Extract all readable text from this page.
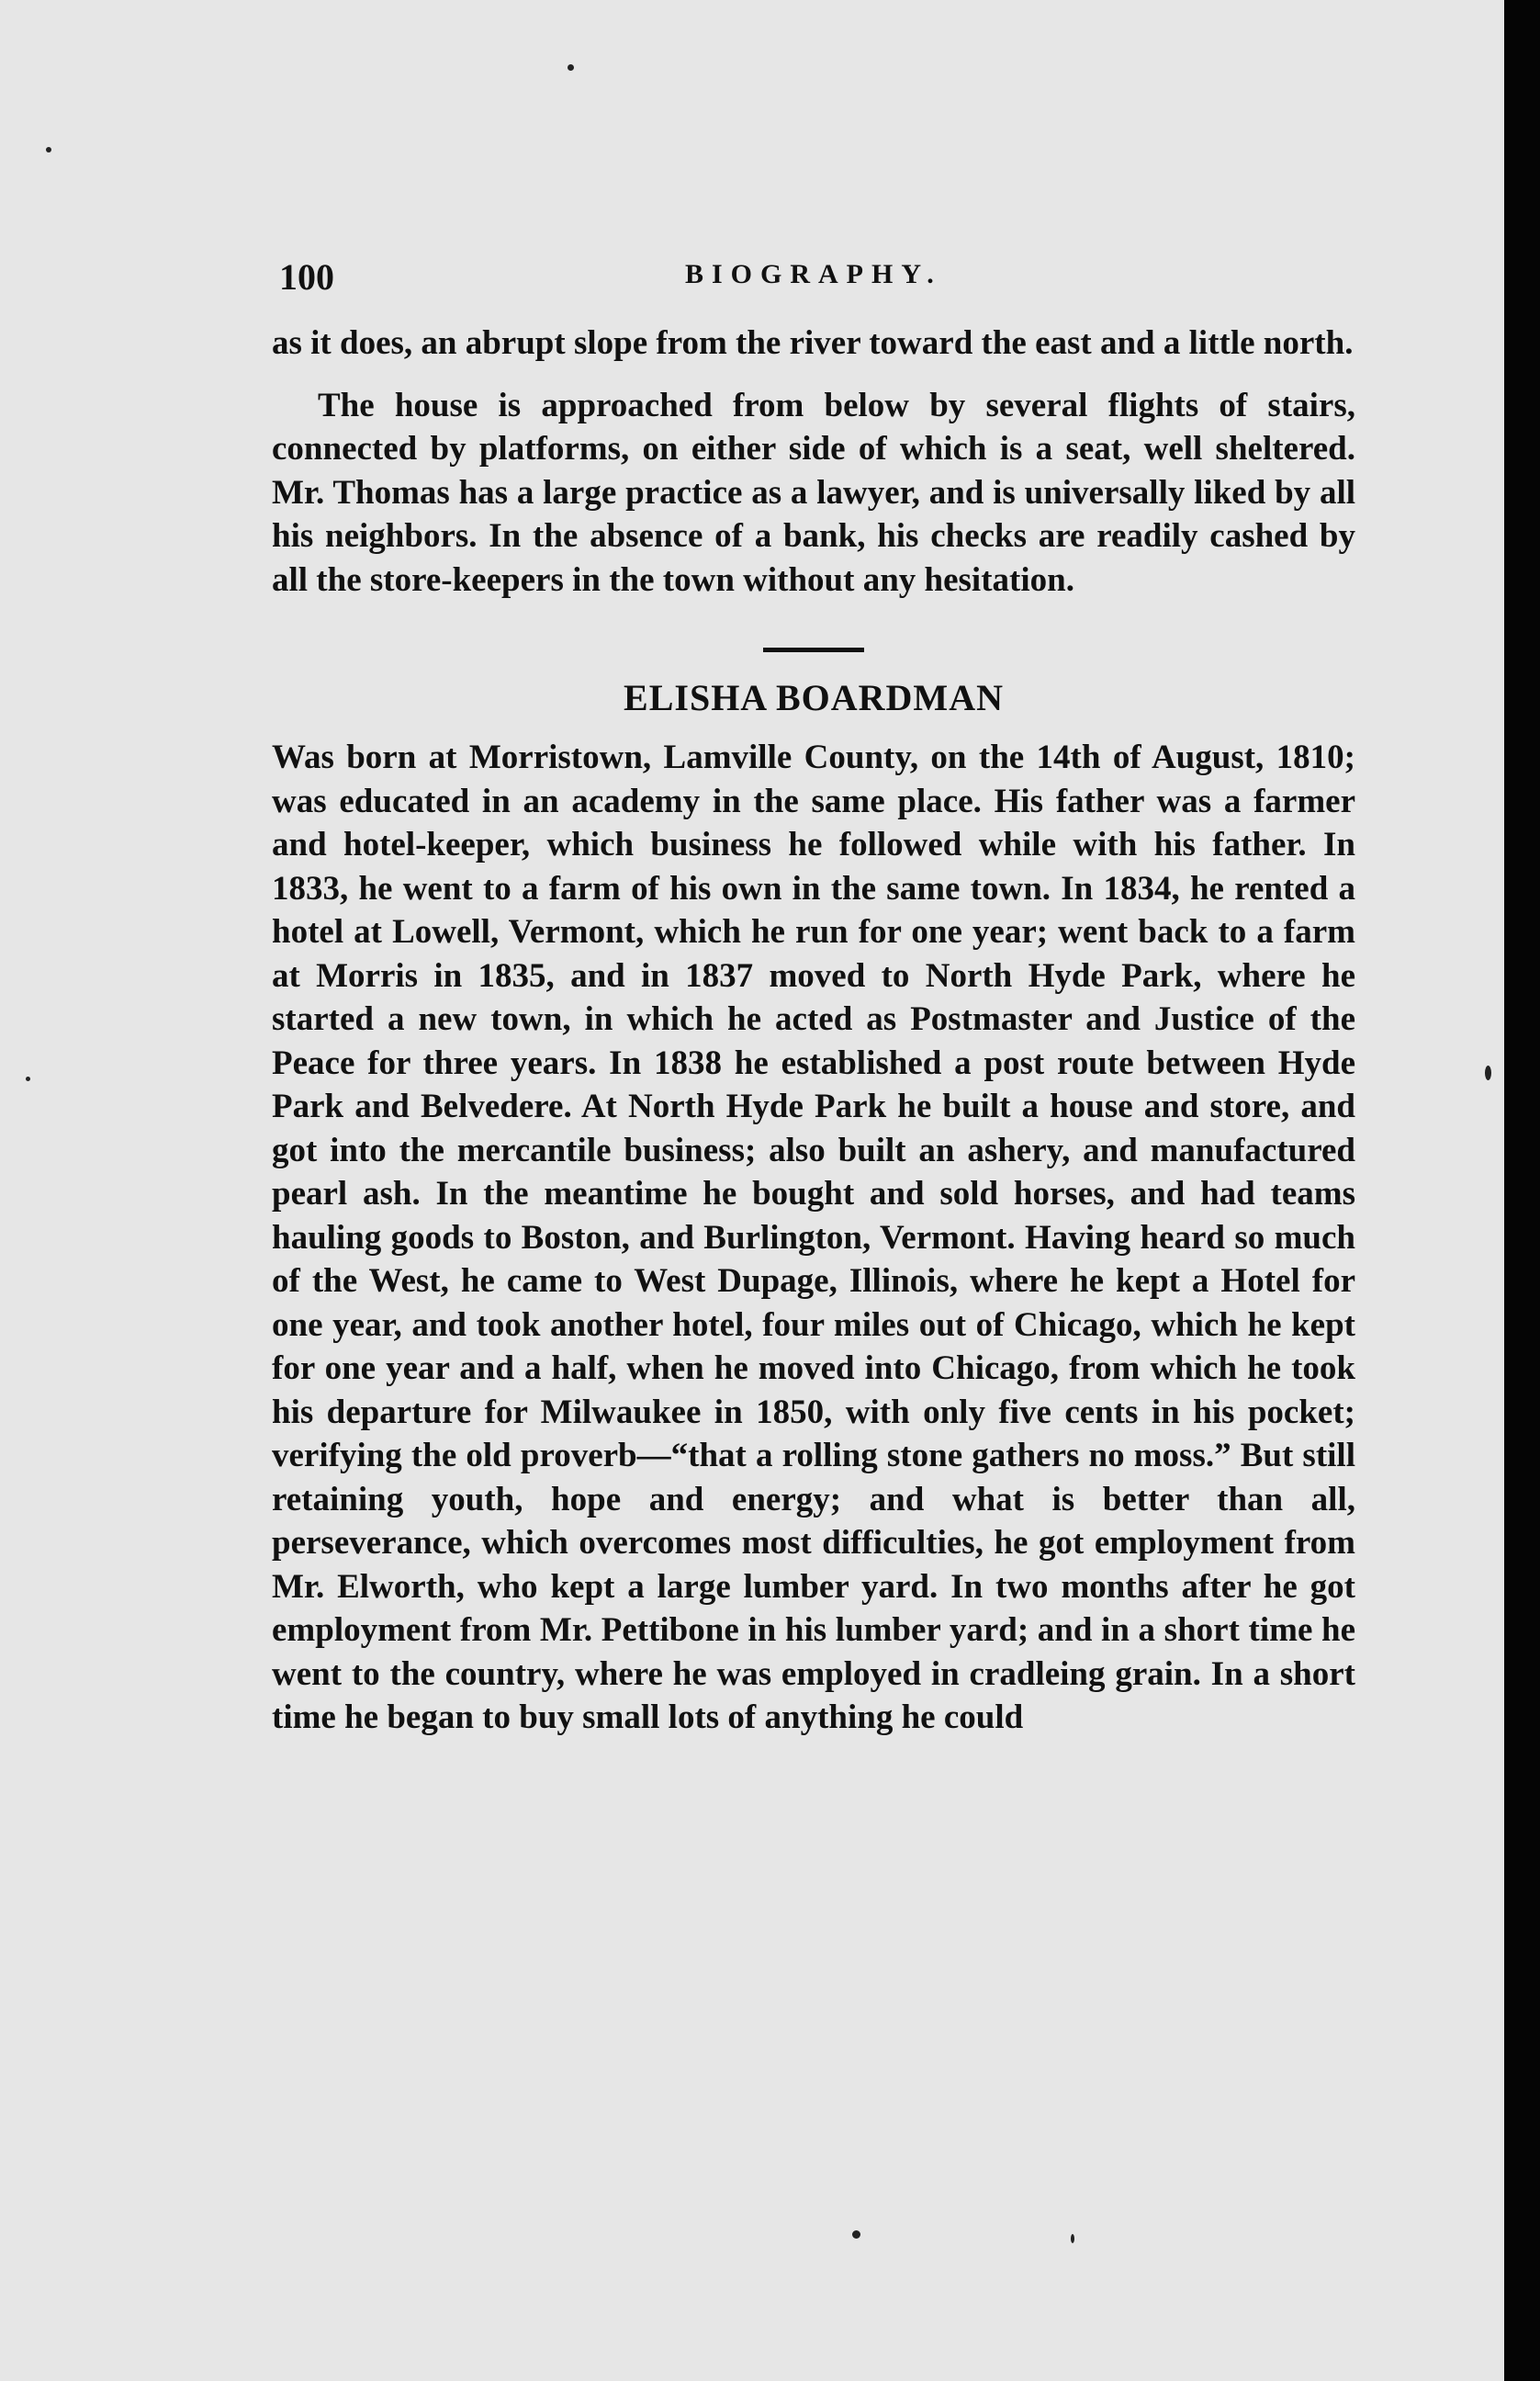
100	BIOGRAPHY.

as it does, an abrupt slope from the river toward the east and a little north.

The house is approached from below by several flights of stairs, connected by platforms, on either side of which is a seat, well sheltered. Mr. Thomas has a large practice as a lawyer, and is universally liked by all his neighbors. In the absence of a bank, his checks are readily cashed by all the store-keepers in the town without any hesitation.

ELISHA BOARDMAN

Was born at Morristown, Lamville County, on the 14th of August, 1810; was educated in an academy in the same place. His father was a farmer and hotel-keeper, which business he followed while with his father. In 1833, he went to a farm of his own in the same town. In 1834, he rented a hotel at Lowell, Vermont, which he run for one year; went back to a farm at Morris in 1835, and in 1837 moved to North Hyde Park, where he started a new town, in which he acted as Postmaster and Justice of the Peace for three years. In 1838 he established a post route between Hyde Park and Belvedere. At North Hyde Park he built a house and store, and got into the mercantile business; also built an ashery, and manufactured pearl ash. In the meantime he bought and sold horses, and had teams hauling goods to Boston, and Burlington, Vermont. Having heard so much of the West, he came to West Dupage, Illinois, where he kept a Hotel for one year, and took another hotel, four miles out of Chicago, which he kept for one year and a half, when he moved into Chicago, from which he took his departure for Milwaukee in 1850, with only five cents in his pocket; verifying the old proverb—“that a rolling stone gathers no moss.” But still retaining youth, hope and energy; and what is better than all, perseverance, which overcomes most difficulties, he got employment from Mr. Elworth, who kept a large lumber yard. In two months after he got employment from Mr. Pettibone in his lumber yard; and in a short time he went to the country, where he was employed in cradleing grain. In a short time he began to buy small lots of anything he could
